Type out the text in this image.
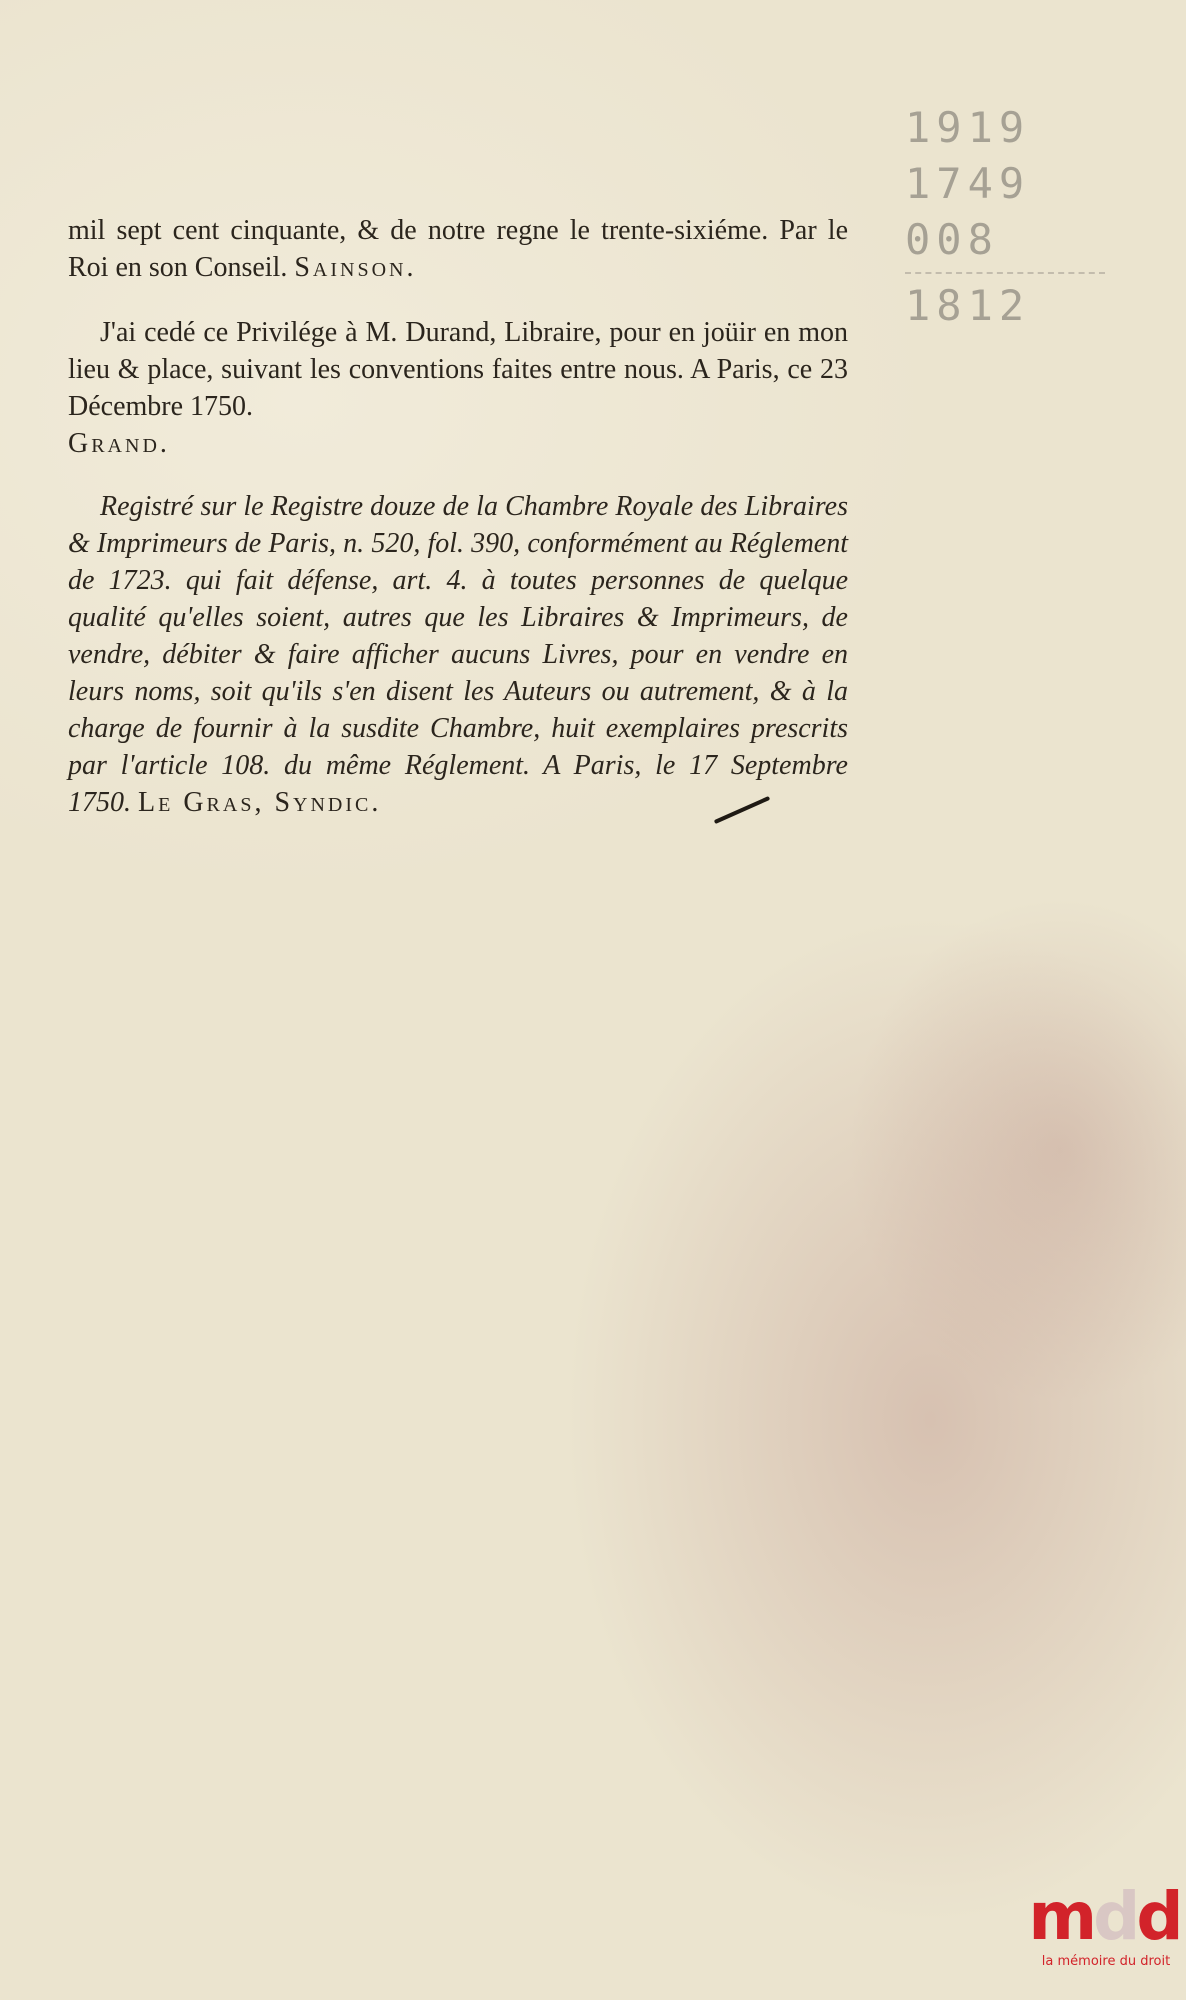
mil sept cent cinquante, & de notre regne le trente-sixiéme. Par le Roi en son Conseil. Sainson.

J'ai cedé ce Privilége à M. Durand, Libraire, pour en joüir en mon lieu & place, suivant les conventions faites entre nous. A Paris, ce 23 Décembre 1750.

Grand.

Registré sur le Registre douze de la Chambre Royale des Libraires & Imprimeurs de Paris, n. 520, fol. 390, conformément au Réglement de 1723. qui fait défense, art. 4. à toutes personnes de quelque qualité qu'elles soient, autres que les Libraires & Imprimeurs, de vendre, débiter & faire afficher aucuns Livres, pour en vendre en leurs noms, soit qu'ils s'en disent les Auteurs ou autrement, & à la charge de fournir à la susdite Chambre, huit exemplaires prescrits par l'article 108. du même Réglement. A Paris, le 17 Septembre 1750. Le Gras, Syndic.

1919
1749
008
1812
m
d
d
la mémoire du droit
